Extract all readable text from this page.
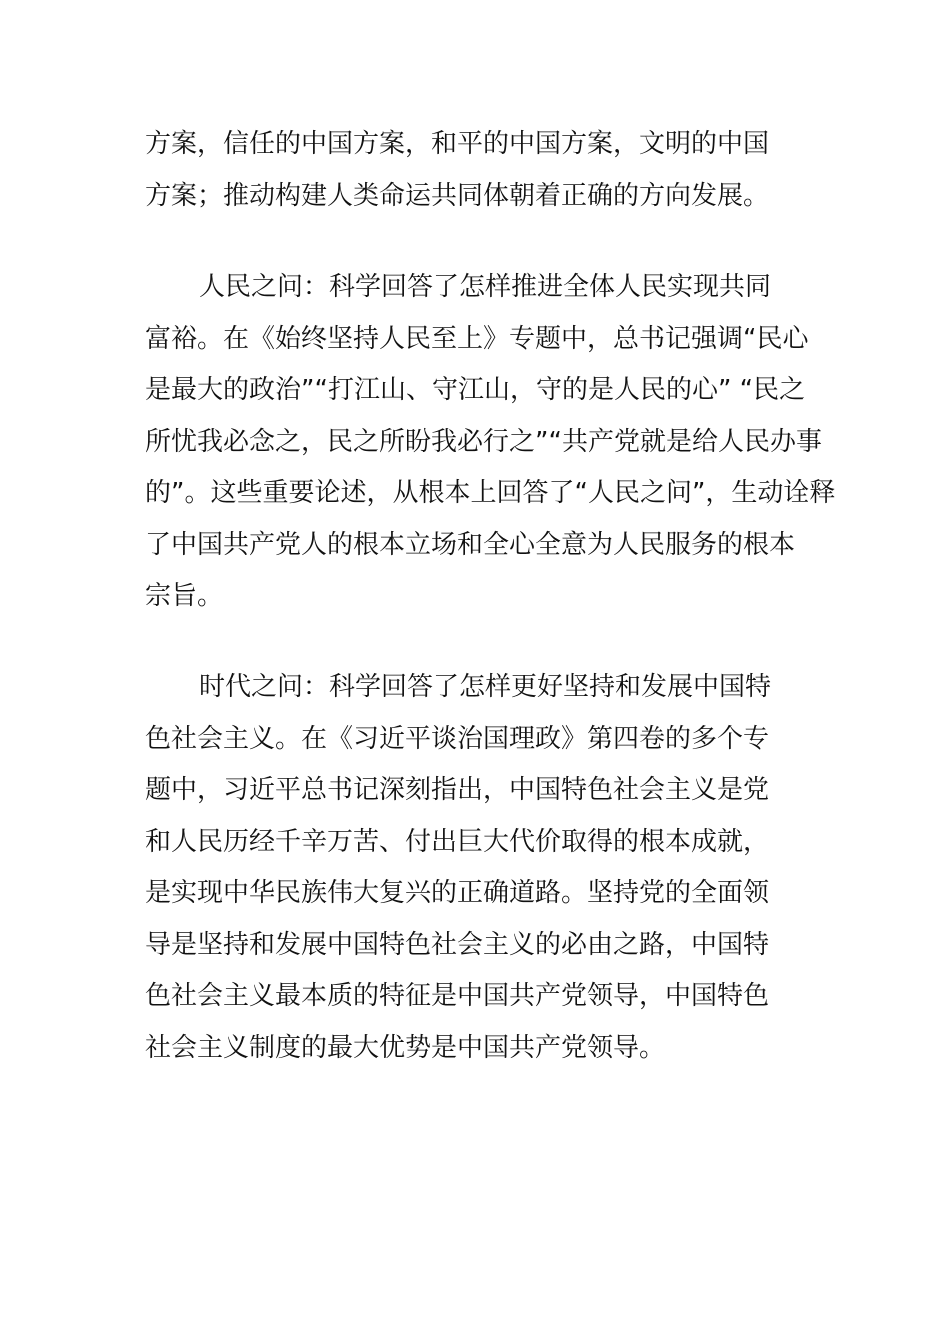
方案，信任的中国方案，和平的中国方案，文明的中国
方案；推动构建人类命运共同体朝着正确的方向发展。
人民之问：科学回答了怎样推进全体人民实现共同
富裕。在《始终坚持人民至上》专题中，总书记强调“民心
是最大的政治”“打江山、守江山，守的是人民的心” “民之
所忧我必念之，民之所盼我必行之”“共产党就是给人民办事
的”。这些重要论述，从根本上回答了“人民之问”，生动诠释
了中国共产党人的根本立场和全心全意为人民服务的根本
宗旨。
时代之问：科学回答了怎样更好坚持和发展中国特
色社会主义。在《习近平谈治国理政》第四卷的多个专
题中，习近平总书记深刻指出，中国特色社会主义是党
和人民历经千辛万苦、付出巨大代价取得的根本成就，
是实现中华民族伟大复兴的正确道路。坚持党的全面领
导是坚持和发展中国特色社会主义的必由之路，中国特
色社会主义最本质的特征是中国共产党领导，中国特色
社会主义制度的最大优势是中国共产党领导。
